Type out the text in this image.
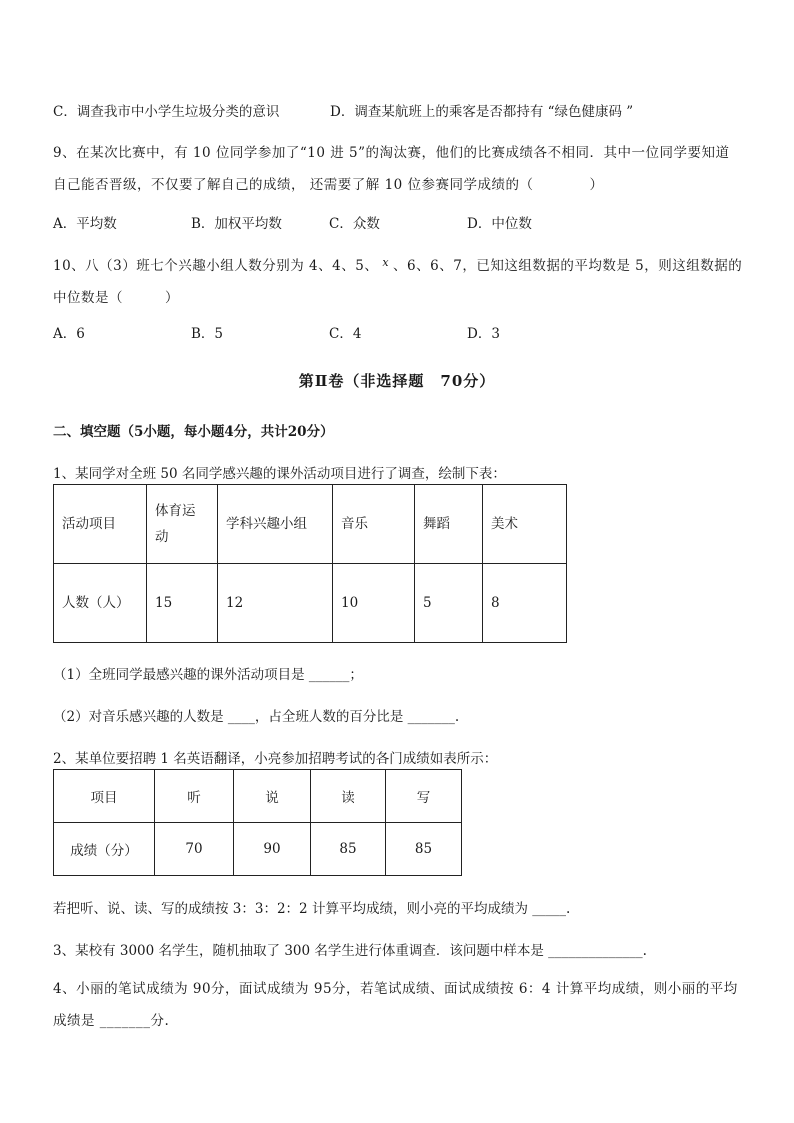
C．调查我市中小学生垃圾分类的意识	D．调查某航班上的乘客是否都持有 “绿色健康码 ”
9、在某次比赛中，有 10 位同学参加了“10 进 5”的淘汰赛，他们的比赛成绩各不相同．其中一位同学要知道自己能否晋级，不仅要了解自己的成绩， 还需要了解 10 位参赛同学成绩的（　　　　）
A．平均数	B．加权平均数	C．众数	D．中位数
10、八（3）班七个兴趣小组人数分别为 4、4、5、 $^x$ 、6、6、7，已知这组数据的平均数是 5，则这组数据的中位数是（　　　）
A．6	B．5	C．4	D．3
第Ⅱ卷（非选择题　70分）
二、填空题（5小题，每小题4分，共计20分）
1、某同学对全班 50 名同学感兴趣的课外活动项目进行了调查，绘制下表：
活动项目	体育运动	学科兴趣小组	音乐	舞蹈	美术

人数（人）	15	12	10	5	8
（1）全班同学最感兴趣的课外活动项目是 ______；
（2）对音乐感兴趣的人数是 ____，占全班人数的百分比是 _______.
2、某单位要招聘 1 名英语翻译，小亮参加招聘考试的各门成绩如表所示：
项目	听	说	读	写
成绩（分）	70	90	85	85
若把听、说、读、写的成绩按 3：3：2：2 计算平均成绩，则小亮的平均成绩为 _____.
3、某校有 3000 名学生，随机抽取了 300 名学生进行体重调查．该问题中样本是 ______________.
4、小丽的笔试成绩为 90分，面试成绩为 95分，若笔试成绩、面试成绩按 6：4 计算平均成绩，则小丽的平均成绩是 _______分.
